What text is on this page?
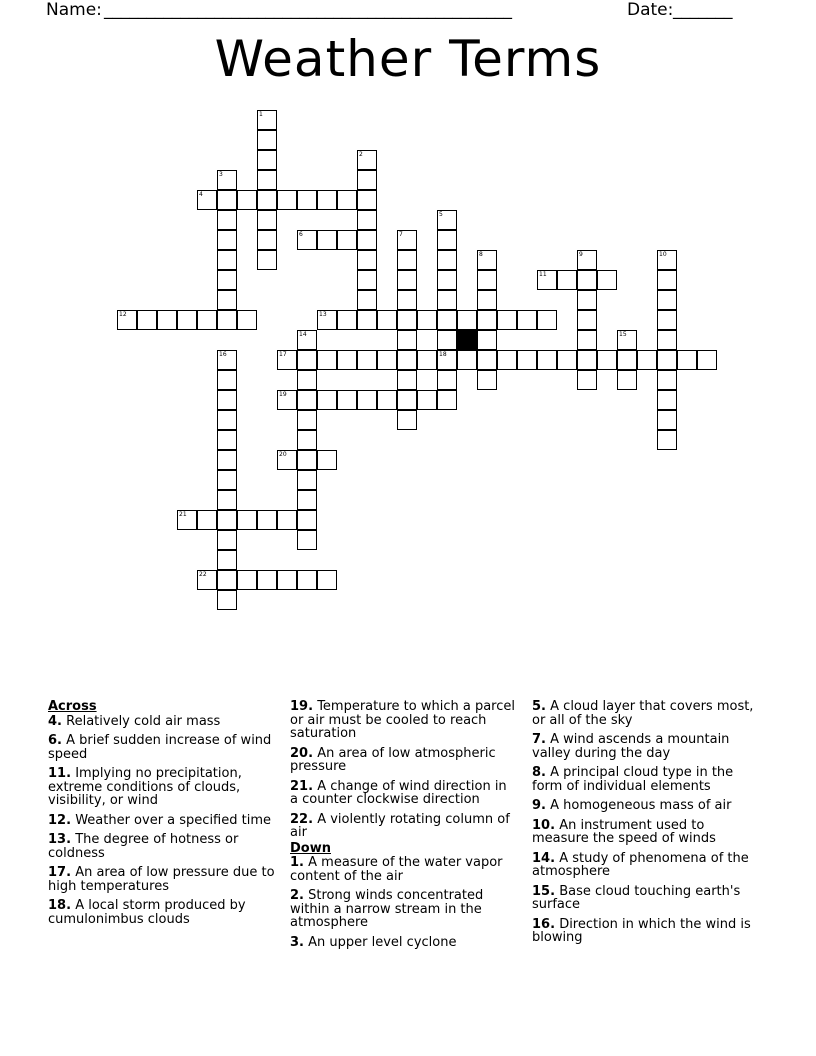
Name: ________________________________________________	Date: _______
Weather Terms
1
2
3
4
5
18
6	7
8	9	10
11
12	13
14	15
16	17
19
20
21
22
Across
4. Relatively cold air mass
6. A brief sudden increase of wind speed
11. Implying no precipitation, extreme conditions of clouds, visibility, or wind
12. Weather over a specified time
13. The degree of hotness or coldness
17. An area of low pressure due to high temperatures
18. A local storm produced by cumulonimbus clouds
19. Temperature to which a parcel or air must be cooled to reach saturation
20. An area of low atmospheric pressure
21. A change of wind direction in a counter clockwise direction
22. A violently rotating column of air
Down
1. A measure of the water vapor content of the air
2. Strong winds concentrated within a narrow stream in the atmosphere
3. An upper level cyclone
5. A cloud layer that covers most, or all of the sky
7. A wind ascends a mountain valley during the day
8. A principal cloud type in the form of individual elements
9. A homogeneous mass of air
10. An instrument used to measure the speed of winds
14. A study of phenomena of the atmosphere
15. Base cloud touching earth's surface
16. Direction in which the wind is blowing
